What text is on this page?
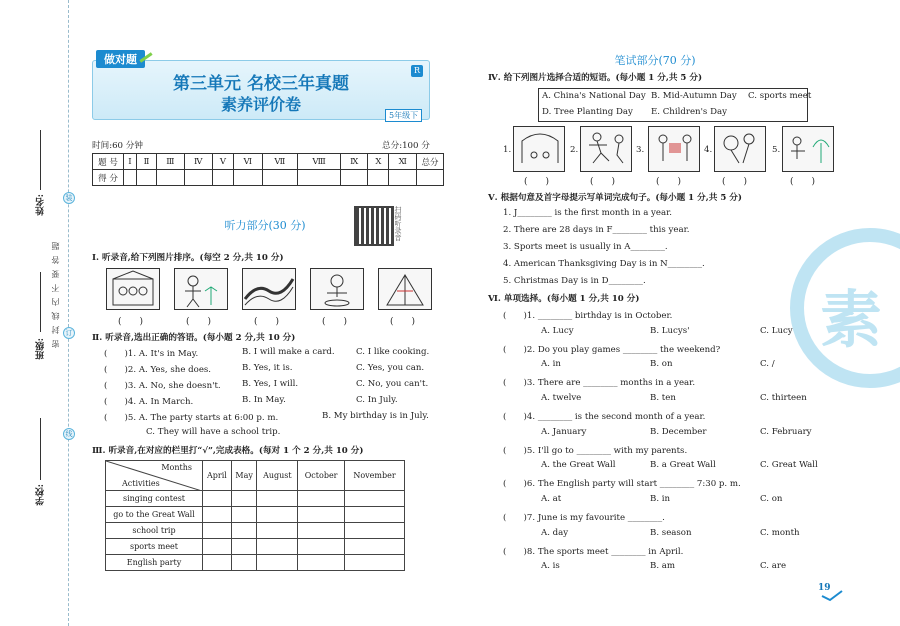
姓名:
班级:
学校:
密封线内不要答题
装
订
线
第三单元 名校三年真题
素养评价卷
做对题
R
5年级下
时间:60 分钟	总分:100 分
题 号	Ⅰ	Ⅱ	Ⅲ	Ⅳ	Ⅴ	Ⅵ	Ⅶ	Ⅷ	Ⅸ	Ⅹ	Ⅺ	总分
得 分												
听力部分(30 分)	扫码听录音
Ⅰ. 听录音,给下列图片排序。(每空 2 分,共 10 分)
(　　)	(　　)	(　　)	(　　)	(　　)
Ⅱ. 听录音,选出正确的答语。(每小题 2 分,共 10 分)
(　　)1. A. It's in May.	B. I will make a card. C. I like cooking.
(　　)2. A. Yes, she does.	B. Yes, it is.	C. Yes, you can.
(　　)3. A. No, she doesn't. B. Yes, I will.	C. No, you can't.
(　　)4. A. In March.	B. In May.	C. In July.
(　　)5. A. The party starts at 6:00 p. m.	B. My birthday is in July.
C. They will have a school trip.
Ⅲ. 听录音,在对应的栏里打“√”,完成表格。(每对 1 个 2 分,共 10 分)
Months
Activities	April	May	August	October	November
singing contest					
go to the Great Wall					
school trip					
sports meet					
English party					
笔试部分(70 分)
Ⅳ. 给下列图片选择合适的短语。(每小题 1 分,共 5 分)
A. China's National Day B. Mid-Autumn Day C. sports meet
D. Tree Planting Day E. Children's Day
1.	2.	3.	4.	5.
(　　)	(　　)	(　　)	(　　)	(　　)
Ⅴ. 根据句意及首字母提示写单词完成句子。(每小题 1 分,共 5 分)
1. J________ is the first month in a year.
2. There are 28 days in F________ this year.
3. Sports meet is usually in A________.
4. American Thanksgiving Day is in N________.
5. Christmas Day is in D________.
Ⅵ. 单项选择。(每小题 1 分,共 10 分)
(　　)1. ________ birthday is in October.
A. Lucy	B. Lucys'	C. Lucy's
(　　)2. Do you play games ________ the weekend?
A. in	B. on	C. /
(　　)3. There are ________ months in a year.
A. twelve	B. ten	C. thirteen
(　　)4. ________ is the second month of a year.
A. January	B. December	C. February
(　　)5. I'll go to ________ with my parents.
A. the Great Wall	B. a Great Wall	C. Great Wall
(　　)6. The English party will start ________ 7:30 p. m.
A. at	B. in	C. on
(　　)7. June is my favourite ________.
A. day	B. season	C. month
(　　)8. The sports meet ________ in April.
A. is	B. am	C. are
素
19
